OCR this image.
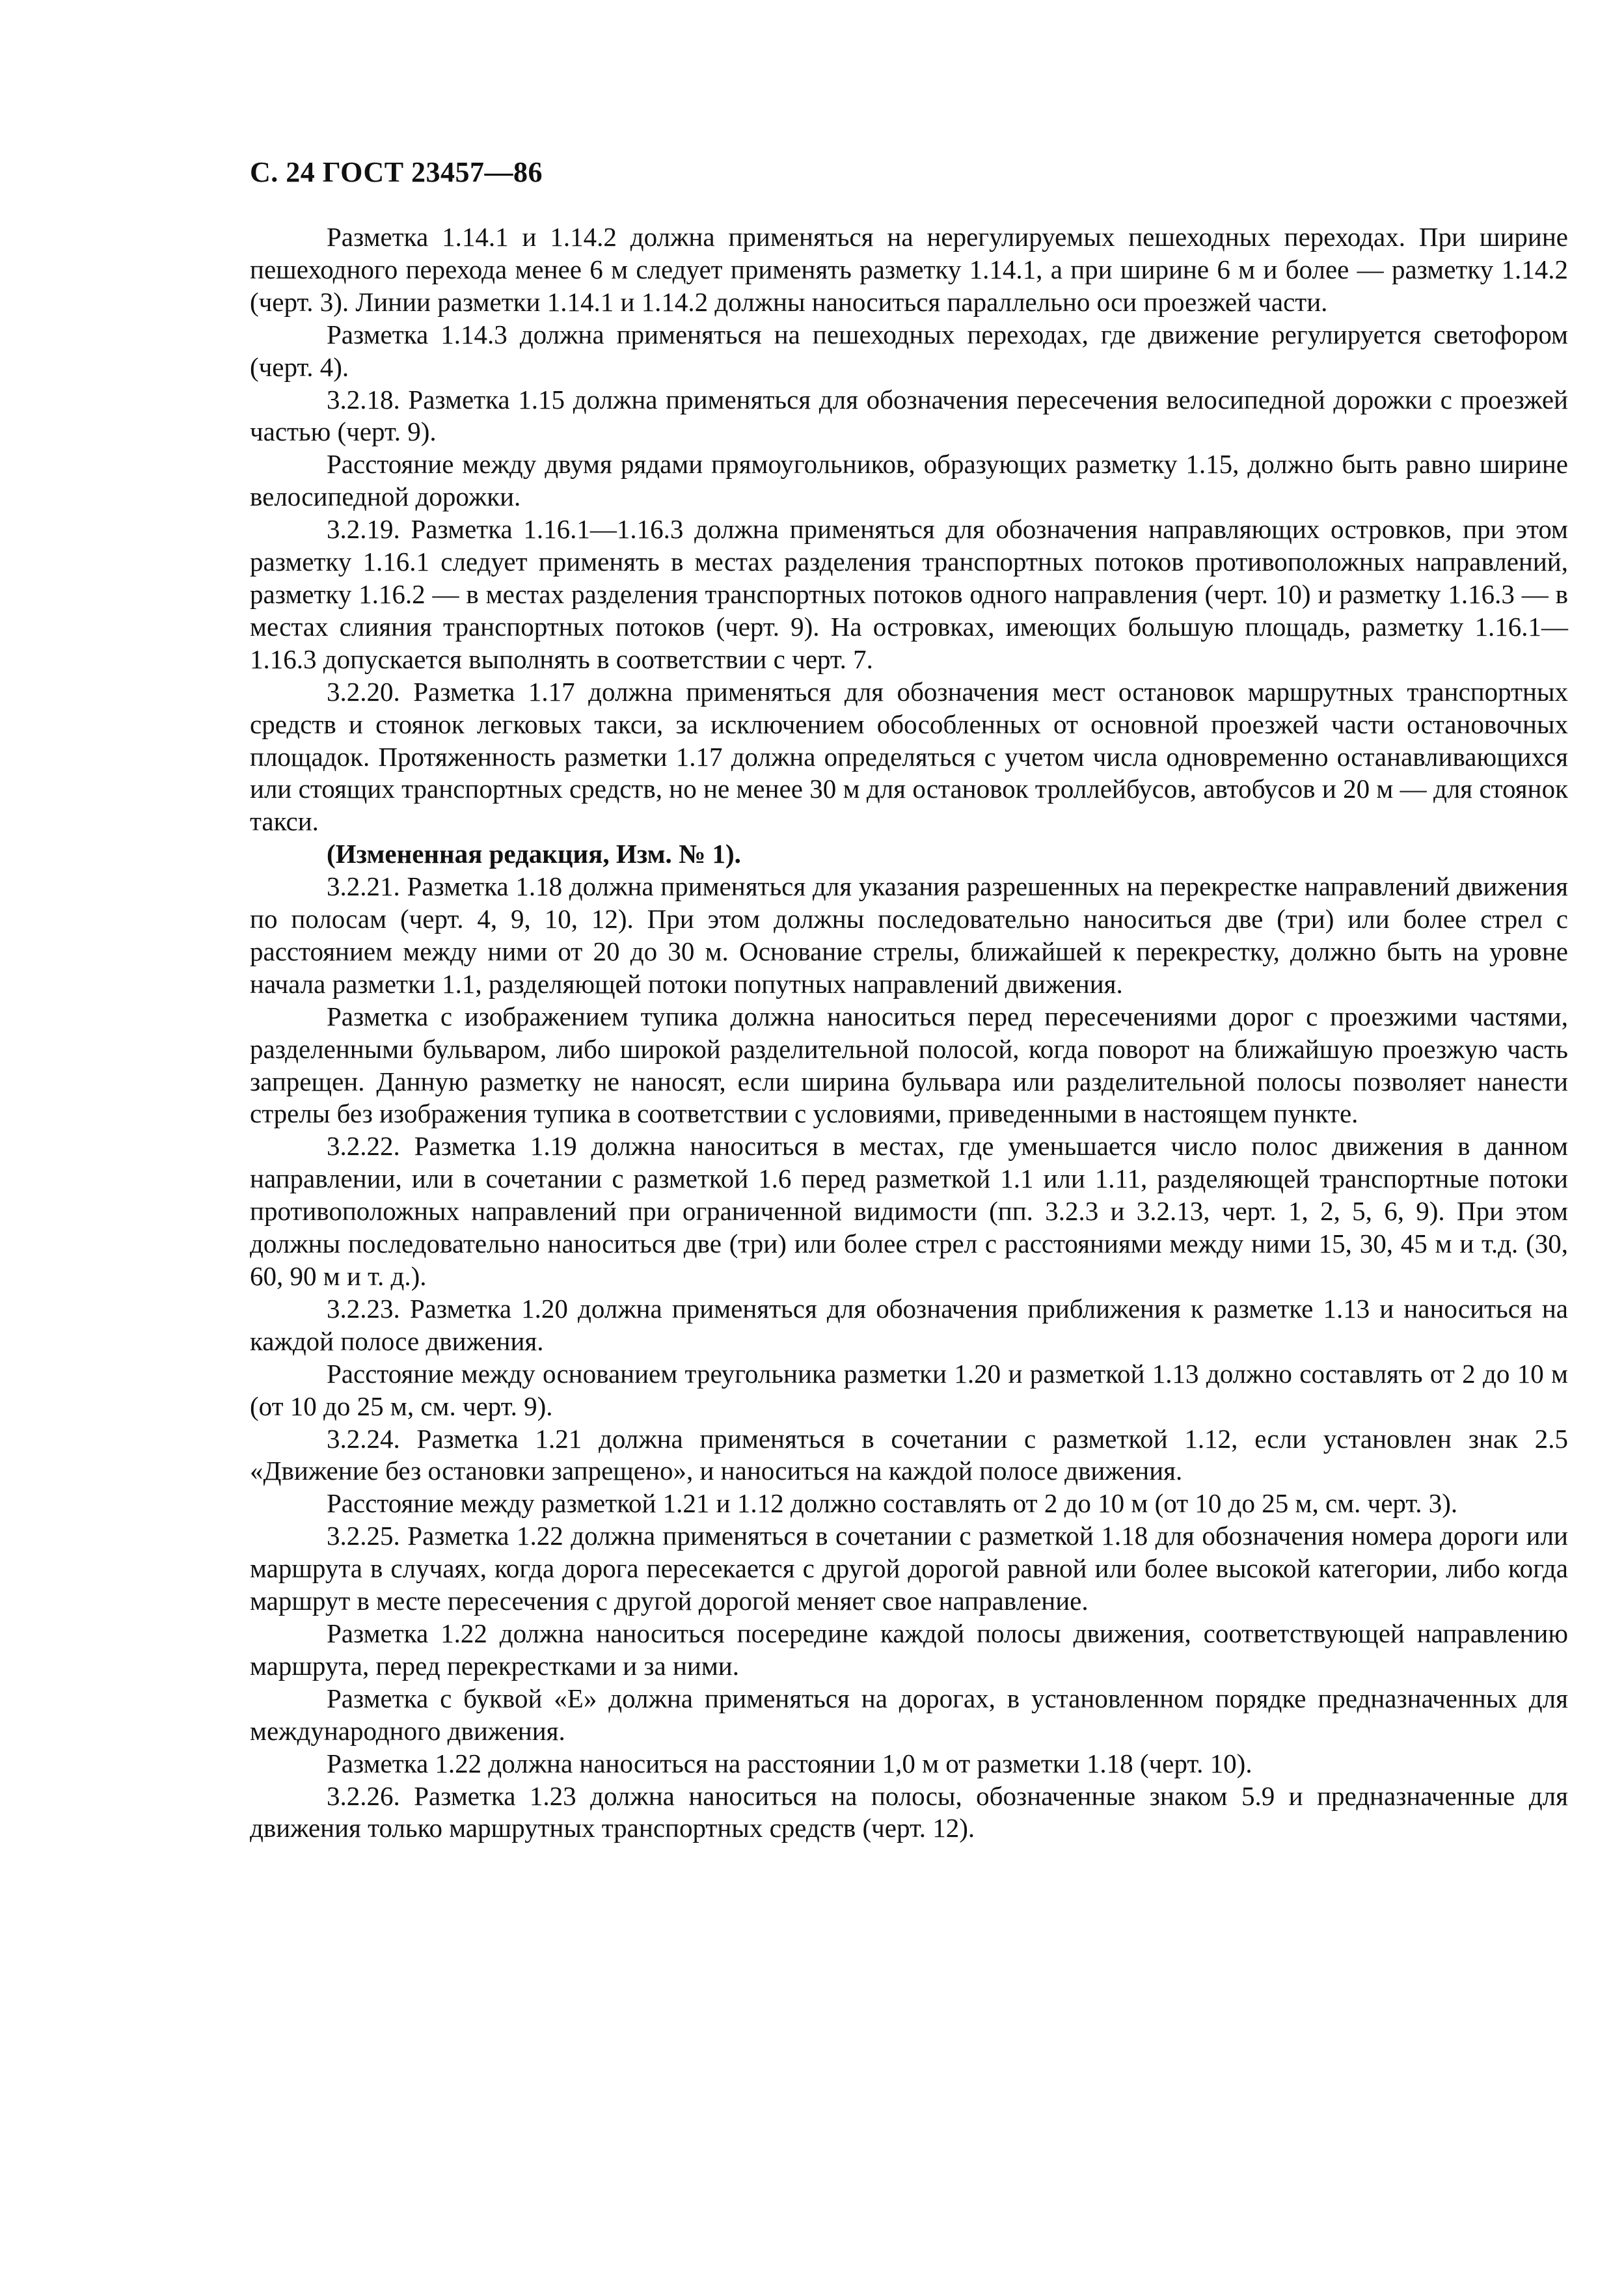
С. 24 ГОСТ 23457—86

Разметка 1.14.1 и 1.14.2 должна применяться на нерегулируемых пешеходных переходах. При ширине пешеходного перехода менее 6 м следует применять разметку 1.14.1, а при ширине 6 м и более — разметку 1.14.2 (черт. 3). Линии разметки 1.14.1 и 1.14.2 должны наноситься параллельно оси проезжей части.

Разметка 1.14.3 должна применяться на пешеходных переходах, где движение регулируется светофором (черт. 4).

3.2.18. Разметка 1.15 должна применяться для обозначения пересечения велосипедной дорожки с проезжей частью (черт. 9).

Расстояние между двумя рядами прямоугольников, образующих разметку 1.15, должно быть равно ширине велосипедной дорожки.

3.2.19. Разметка 1.16.1—1.16.3 должна применяться для обозначения направляющих островков, при этом разметку 1.16.1 следует применять в местах разделения транспортных потоков противоположных направлений, разметку 1.16.2 — в местах разделения транспортных потоков одного направления (черт. 10) и разметку 1.16.3 — в местах слияния транспортных потоков (черт. 9). На островках, имеющих большую площадь, разметку 1.16.1—1.16.3 допускается выполнять в соответствии с черт. 7.

3.2.20. Разметка 1.17 должна применяться для обозначения мест остановок маршрутных транспортных средств и стоянок легковых такси, за исключением обособленных от основной проезжей части остановочных площадок. Протяженность разметки 1.17 должна определяться с учетом числа одновременно останавливающихся или стоящих транспортных средств, но не менее 30 м для остановок троллейбусов, автобусов и 20 м — для стоянок такси.

(Измененная редакция, Изм. № 1).

3.2.21. Разметка 1.18 должна применяться для указания разрешенных на перекрестке направлений движения по полосам (черт. 4, 9, 10, 12). При этом должны последовательно наноситься две (три) или более стрел с расстоянием между ними от 20 до 30 м. Основание стрелы, ближайшей к перекрестку, должно быть на уровне начала разметки 1.1, разделяющей потоки попутных направлений движения.

Разметка с изображением тупика должна наноситься перед пересечениями дорог с проезжими частями, разделенными бульваром, либо широкой разделительной полосой, когда поворот на ближайшую проезжую часть запрещен. Данную разметку не наносят, если ширина бульвара или разделительной полосы позволяет нанести стрелы без изображения тупика в соответствии с условиями, приведенными в настоящем пункте.

3.2.22. Разметка 1.19 должна наноситься в местах, где уменьшается число полос движения в данном направлении, или в сочетании с разметкой 1.6 перед разметкой 1.1 или 1.11, разделяющей транспортные потоки противоположных направлений при ограниченной видимости (пп. 3.2.3 и 3.2.13, черт. 1, 2, 5, 6, 9). При этом должны последовательно наноситься две (три) или более стрел с расстояниями между ними 15, 30, 45 м и т.д. (30, 60, 90 м и т. д.).

3.2.23. Разметка 1.20 должна применяться для обозначения приближения к разметке 1.13 и наноситься на каждой полосе движения.

Расстояние между основанием треугольника разметки 1.20 и разметкой 1.13 должно составлять от 2 до 10 м (от 10 до 25 м, см. черт. 9).

3.2.24. Разметка 1.21 должна применяться в сочетании с разметкой 1.12, если установлен знак 2.5 «Движение без остановки запрещено», и наноситься на каждой полосе движения.

Расстояние между разметкой 1.21 и 1.12 должно составлять от 2 до 10 м (от 10 до 25 м, см. черт. 3).

3.2.25. Разметка 1.22 должна применяться в сочетании с разметкой 1.18 для обозначения номера дороги или маршрута в случаях, когда дорога пересекается с другой дорогой равной или более высокой категории, либо когда маршрут в месте пересечения с другой дорогой меняет свое направление.

Разметка 1.22 должна наноситься посередине каждой полосы движения, соответствующей направлению маршрута, перед перекрестками и за ними.

Разметка с буквой «Е» должна применяться на дорогах, в установленном порядке предназначенных для международного движения.

Разметка 1.22 должна наноситься на расстоянии 1,0 м от разметки 1.18 (черт. 10).

3.2.26. Разметка 1.23 должна наноситься на полосы, обозначенные знаком 5.9 и предназначенные для движения только маршрутных транспортных средств (черт. 12).
